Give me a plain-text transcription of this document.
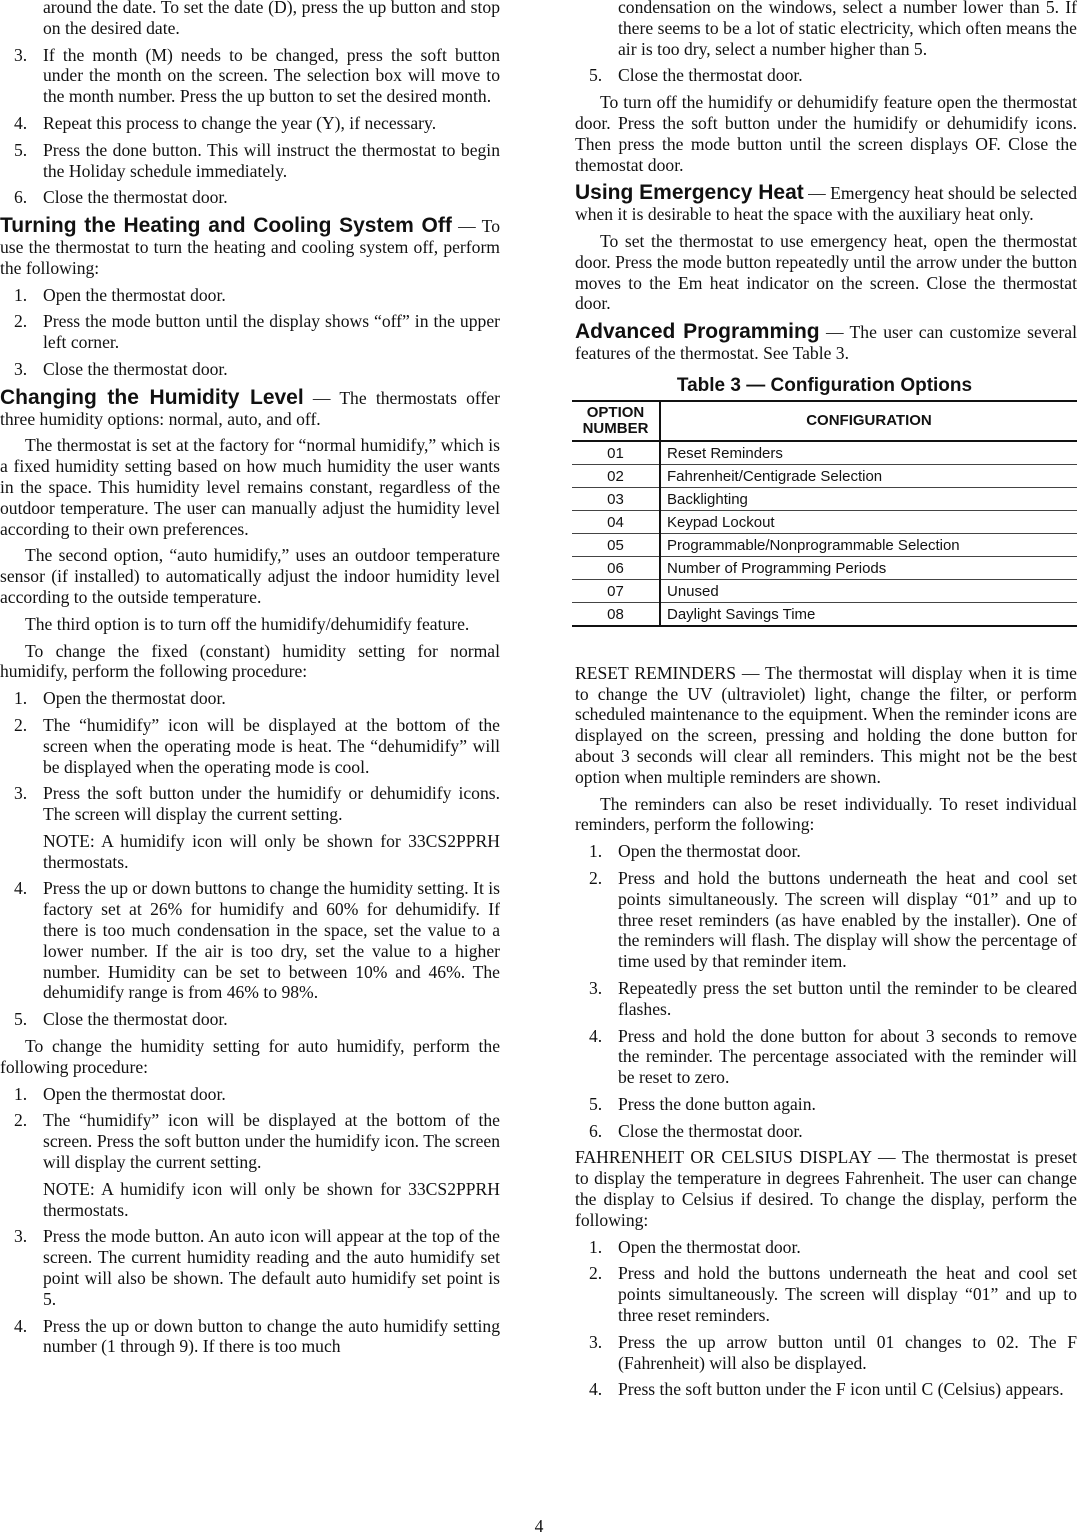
around the date. To set the date (D), press the up button and stop on the desired date.
3. If the month (M) needs to be changed, press the soft button under the month on the screen. The selection box will move to the month number. Press the up button to set the desired month.
4. Repeat this process to change the year (Y), if necessary.
5. Press the done button. This will instruct the thermostat to begin the Holiday schedule immediately.
6. Close the thermostat door.
Turning the Heating and Cooling System Off — To use the thermostat to turn the heating and cooling system off, perform the following:
1. Open the thermostat door.
2. Press the mode button until the display shows “off” in the upper left corner.
3. Close the thermostat door.
Changing the Humidity Level — The thermostats offer three humidity options: normal, auto, and off.
The thermostat is set at the factory for “normal humidify,” which is a fixed humidity setting based on how much humidity the user wants in the space. This humidity level remains constant, regardless of the outdoor temperature. The user can manually adjust the humidity level according to their own preferences.
The second option, “auto humidify,” uses an outdoor temperature sensor (if installed) to automatically adjust the indoor humidity level according to the outside temperature.
The third option is to turn off the humidify/dehumidify feature.
To change the fixed (constant) humidity setting for normal humidify, perform the following procedure:
1. Open the thermostat door.
2. The “humidify” icon will be displayed at the bottom of the screen when the operating mode is heat. The “dehumidify” will be displayed when the operating mode is cool.
3. Press the soft button under the humidify or dehumidify icons. The screen will display the current setting.
NOTE: A humidify icon will only be shown for 33CS2PPRH thermostats.
4. Press the up or down buttons to change the humidity setting. It is factory set at 26% for humidify and 60% for dehumidify. If there is too much condensation in the space, set the value to a lower number. If the air is too dry, set the value to a higher number. Humidity can be set to between 10% and 46%. The dehumidify range is from 46% to 98%.
5. Close the thermostat door.
To change the humidity setting for auto humidify, perform the following procedure:
1. Open the thermostat door.
2. The “humidify” icon will be displayed at the bottom of the screen. Press the soft button under the humidify icon. The screen will display the current setting.
NOTE: A humidify icon will only be shown for 33CS2PPRH thermostats.
3. Press the mode button. An auto icon will appear at the top of the screen. The current humidity reading and the auto humidify set point will also be shown. The default auto humidify set point is 5.
4. Press the up or down button to change the auto humidify setting number (1 through 9). If there is too much
condensation on the windows, select a number lower than 5. If there seems to be a lot of static electricity, which often means the air is too dry, select a number higher than 5.
5. Close the thermostat door.
To turn off the humidify or dehumidify feature open the thermostat door. Press the soft button under the humidify or dehumidify icons. Then press the mode button until the screen displays OF. Close the themostat door.
Using Emergency Heat — Emergency heat should be selected when it is desirable to heat the space with the auxiliary heat only.
To set the thermostat to use emergency heat, open the thermostat door. Press the mode button repeatedly until the arrow under the button moves to the Em heat indicator on the screen. Close the thermostat door.
Advanced Programming — The user can customize several features of the thermostat. See Table 3.
Table 3 — Configuration Options
OPTION NUMBER	CONFIGURATION
01	Reset Reminders
02	Fahrenheit/Centigrade Selection
03	Backlighting
04	Keypad Lockout
05	Programmable/Nonprogrammable Selection
06	Number of Programming Periods
07	Unused
08	Daylight Savings Time
RESET REMINDERS — The thermostat will display when it is time to change the UV (ultraviolet) light, change the filter, or perform scheduled maintenance to the equipment. When the reminder icons are displayed on the screen, pressing and holding the done button for about 3 seconds will clear all reminders. This might not be the best option when multiple reminders are shown.
The reminders can also be reset individually. To reset individual reminders, perform the following:
1. Open the thermostat door.
2. Press and hold the buttons underneath the heat and cool set points simultaneously. The screen will display “01” and up to three reset reminders (as have enabled by the installer). One of the reminders will flash. The display will show the percentage of time used by that reminder item.
3. Repeatedly press the set button until the reminder to be cleared flashes.
4. Press and hold the done button for about 3 seconds to remove the reminder. The percentage associated with the reminder will be reset to zero.
5. Press the done button again.
6. Close the thermostat door.
FAHRENHEIT OR CELSIUS DISPLAY — The thermostat is preset to display the temperature in degrees Fahrenheit. The user can change the display to Celsius if desired. To change the display, perform the following:
1. Open the thermostat door.
2. Press and hold the buttons underneath the heat and cool set points simultaneously. The screen will display “01” and up to three reset reminders.
3. Press the up arrow button until 01 changes to 02. The F (Fahrenheit) will also be displayed.
4. Press the soft button under the F icon until C (Celsius) appears.
4
